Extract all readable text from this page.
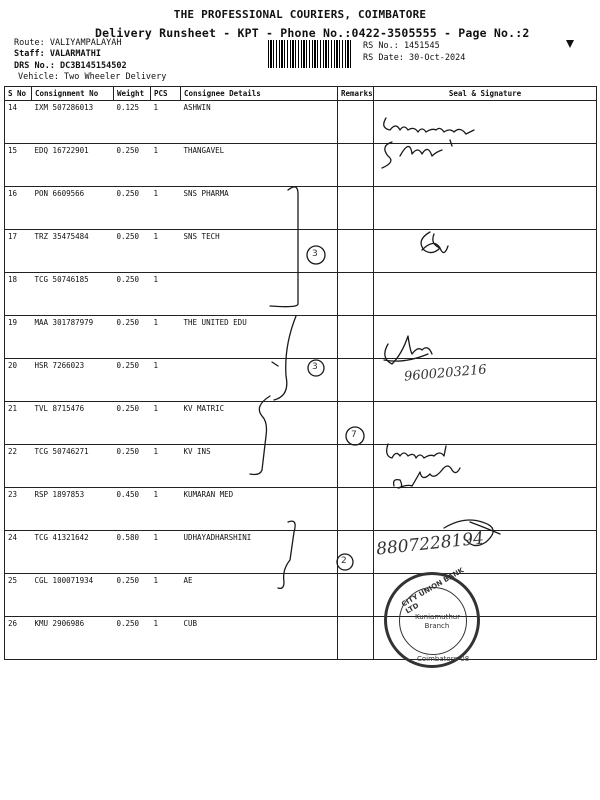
THE PROFESSIONAL COURIERS, COIMBATORE
Delivery Runsheet - KPT - Phone No.:0422-3505555 - Page No.:2
Route: VALIYAMPALAYAH
Staff: VALARMATHI
DRS No.: DC3B145154502
Vehicle: Two Wheeler Delivery
RS No.: 1451545
RS Date: 30-Oct-2024
S No	Consignment No	Weight	PCS	Consignee Details	Remarks	Seal & Signature
14	IXM 507286013	0.125	1	ASHWIN		
15	EDQ 16722901	0.250	1	THANGAVEL		
16	PON 6609566	0.250	1	SNS PHARMA		
17	TRZ 35475484	0.250	1	SNS TECH		
18	TCG 50746185	0.250	1			
19	MAA 301787979	0.250	1	THE UNITED EDU		
20	HSR 7266023	0.250	1			
21	TVL 8715476	0.250	1	KV MATRIC		
22	TCG 50746271	0.250	1	KV INS		
23	RSP 1897853	0.450	1	KUMARAN MED		
24	TCG 41321642	0.580	1	UDHAYADHARSHINI		
25	CGL 100071934	0.250	1	AE		
26	KMU 2906986	0.250	1	CUB		
3
3
7
2
9600203216
8807228194
CITY UNION BANK LTD
Kuniamuthur Branch
Coimbatore-08
